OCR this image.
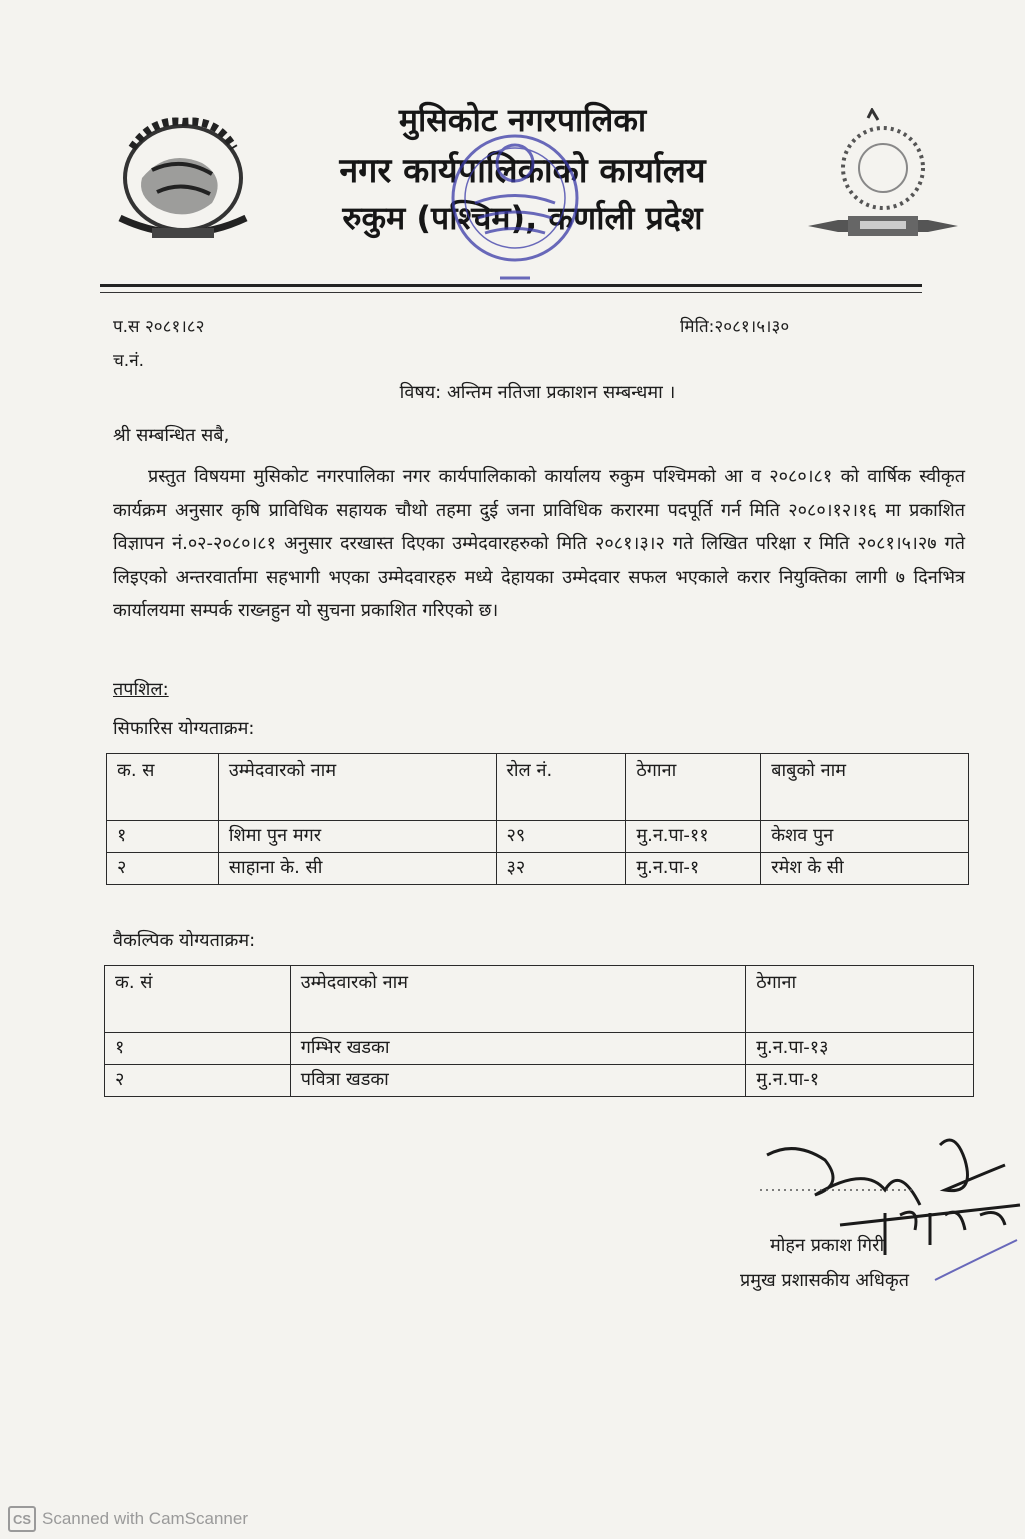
मुसिकोट नगरपालिका
नगर कार्यपालिकाको कार्यालय
रुकुम (पश्चिम), कर्णाली प्रदेश
प.स २०८१।८२
च.नं.
मिति:२०८१।५।३०
विषय: अन्तिम नतिजा प्रकाशन सम्बन्धमा ।
श्री सम्बन्धित सबै,
प्रस्तुत विषयमा मुसिकोट नगरपालिका नगर कार्यपालिकाको कार्यालय रुकुम पश्चिमको आ व २०८०।८१ को वार्षिक स्वीकृत कार्यक्रम अनुसार कृषि प्राविधिक सहायक चौथो तहमा दुई जना प्राविधिक करारमा पदपूर्ति गर्न मिति २०८०।१२।१६ मा प्रकाशित विज्ञापन नं.०२-२०८०।८१ अनुसार दरखास्त दिएका उम्मेदवारहरुको मिति २०८१।३।२ गते लिखित परिक्षा र मिति २०८१।५।२७ गते लिइएको अन्तरवार्तामा सहभागी भएका उम्मेदवारहरु मध्ये देहायका उम्मेदवार सफल भएकाले करार नियुक्तिका लागी ७ दिनभित्र कार्यालयमा सम्पर्क राख्नहुन यो सुचना प्रकाशित गरिएको छ।
तपशिल:
सिफारिस योग्यताक्रम:
क. स	उम्मेदवारको नाम	रोल नं.	ठेगाना	बाबुको नाम
१	शिमा पुन मगर	२९	मु.न.पा-११	केशव पुन
२	साहाना के. सी	३२	मु.न.पा-१	रमेश के सी
वैकल्पिक योग्यताक्रम:
क. सं	उम्मेदवारको नाम	ठेगाना
१	गम्भिर खडका	मु.न.पा-१३
२	पवित्रा खडका	मु.न.पा-१
मोहन प्रकाश गिरी
प्रमुख प्रशासकीय अधिकृत
CS Scanned with CamScanner
